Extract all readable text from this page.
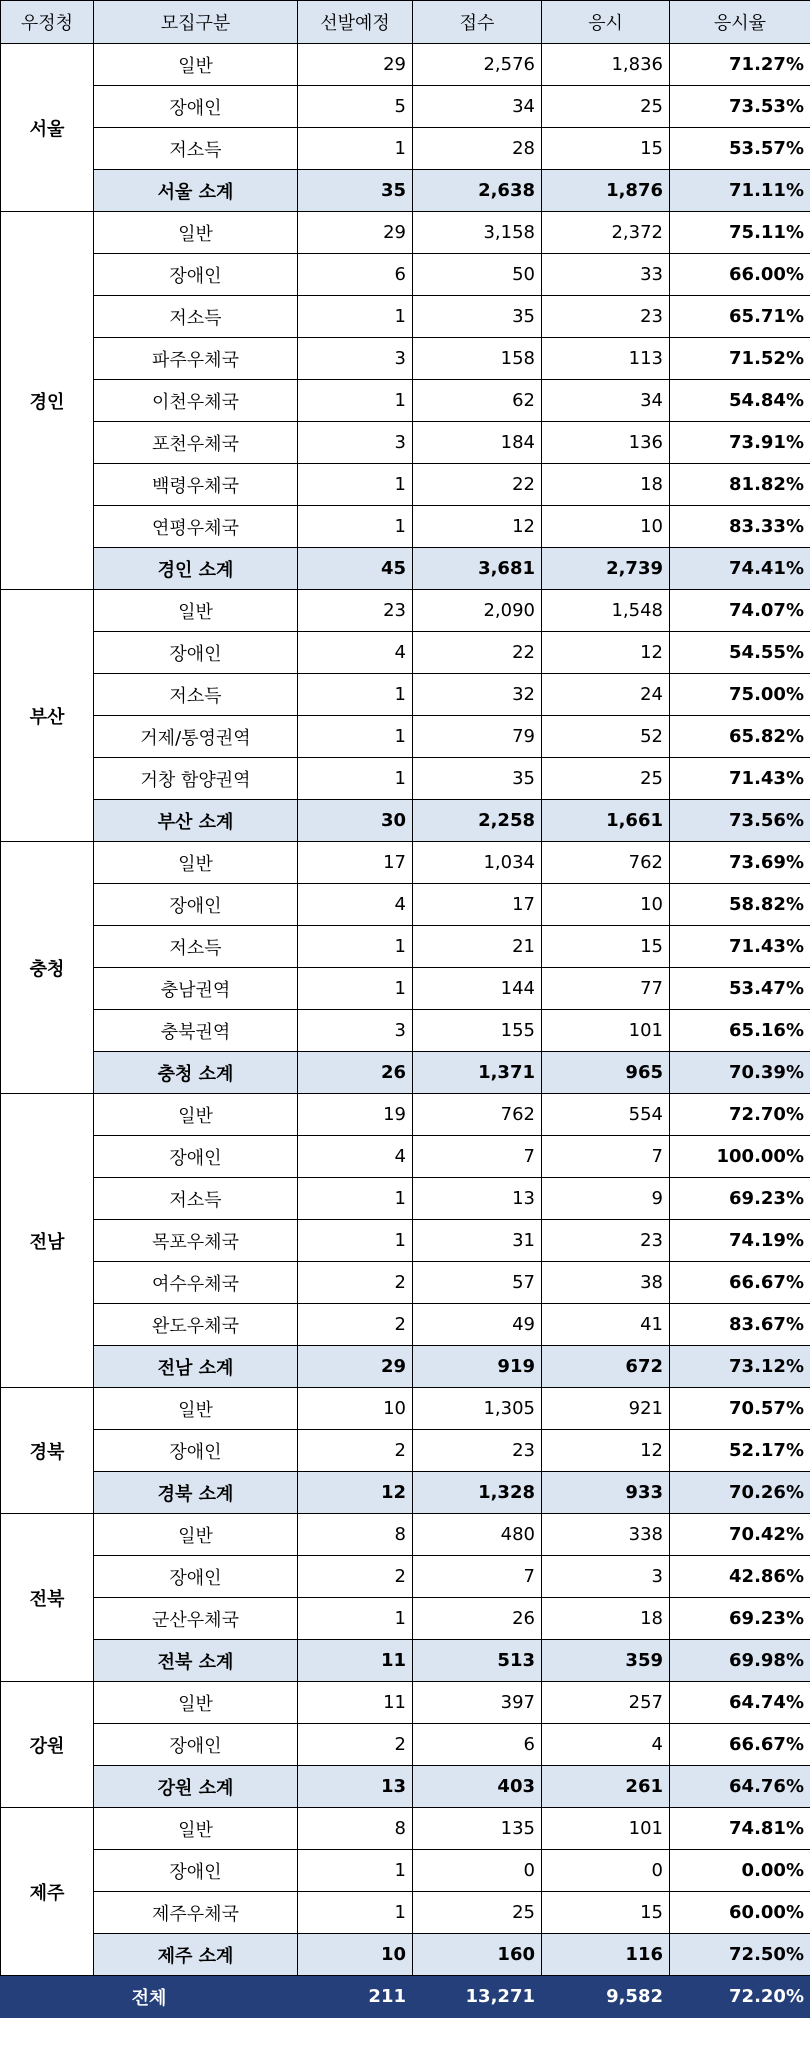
우정청	모집구분	선발예정	접수	응시	응시율
서울	일반	29	2,576	1,836	71.27%
	장애인	5	34	25	73.53%
	저소득	1	28	15	53.57%
	서울 소계	35	2,638	1,876	71.11%
경인	일반	29	3,158	2,372	75.11%
	장애인	6	50	33	66.00%
	저소득	1	35	23	65.71%
	파주우체국	3	158	113	71.52%
	이천우체국	1	62	34	54.84%
	포천우체국	3	184	136	73.91%
	백령우체국	1	22	18	81.82%
	연평우체국	1	12	10	83.33%
	경인 소계	45	3,681	2,739	74.41%
부산	일반	23	2,090	1,548	74.07%
	장애인	4	22	12	54.55%
	저소득	1	32	24	75.00%
	거제/통영권역	1	79	52	65.82%
	거창 함양권역	1	35	25	71.43%
	부산 소계	30	2,258	1,661	73.56%
충청	일반	17	1,034	762	73.69%
	장애인	4	17	10	58.82%
	저소득	1	21	15	71.43%
	충남권역	1	144	77	53.47%
	충북권역	3	155	101	65.16%
	충청 소계	26	1,371	965	70.39%
전남	일반	19	762	554	72.70%
	장애인	4	7	7	100.00%
	저소득	1	13	9	69.23%
	목포우체국	1	31	23	74.19%
	여수우체국	2	57	38	66.67%
	완도우체국	2	49	41	83.67%
	전남 소계	29	919	672	73.12%
경북	일반	10	1,305	921	70.57%
	장애인	2	23	12	52.17%
	경북 소계	12	1,328	933	70.26%
전북	일반	8	480	338	70.42%
	장애인	2	7	3	42.86%
	군산우체국	1	26	18	69.23%
	전북 소계	11	513	359	69.98%
강원	일반	11	397	257	64.74%
	장애인	2	6	4	66.67%
	강원 소계	13	403	261	64.76%
제주	일반	8	135	101	74.81%
	장애인	1	0	0	0.00%
	제주우체국	1	25	15	60.00%
	제주 소계	10	160	116	72.50%
전체		211	13,271	9,582	72.20%
